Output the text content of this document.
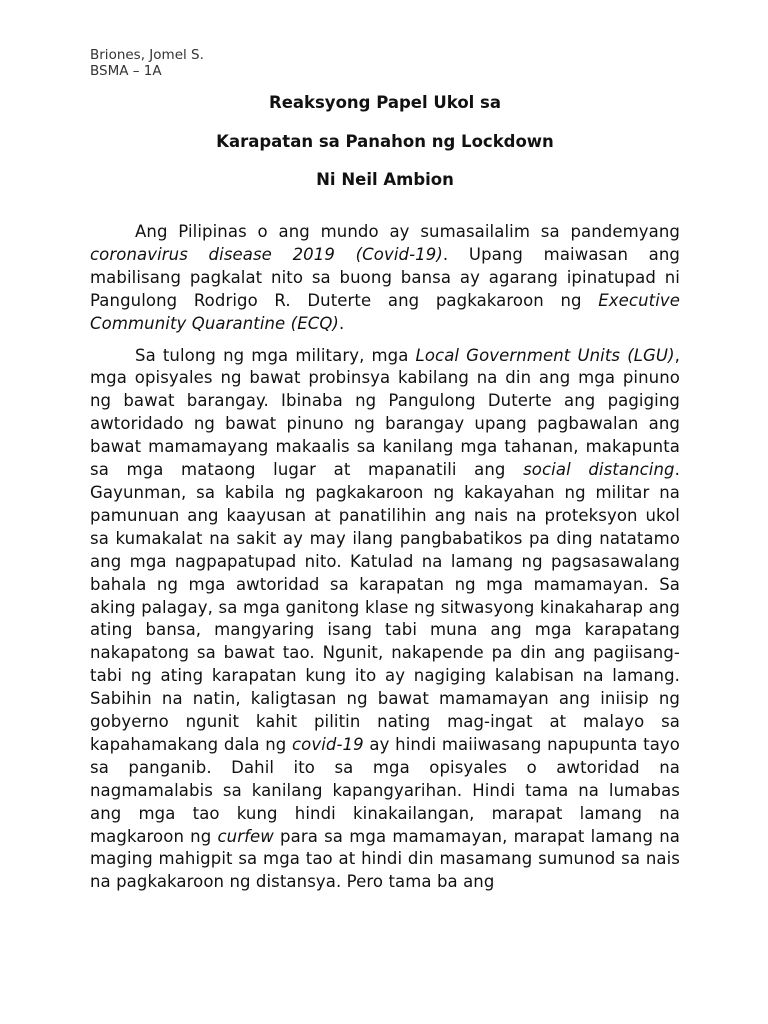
Briones, Jomel S.
BSMA – 1A
Reaksyong Papel Ukol sa
Karapatan sa Panahon ng Lockdown
Ni Neil Ambion

Ang Pilipinas o ang mundo ay sumasailalim sa pandemyang coronavirus disease 2019 (Covid-19). Upang maiwasan ang mabilisang pagkalat nito sa buong bansa ay agarang ipinatupad ni Pangulong Rodrigo R. Duterte ang pagkakaroon ng Executive Community Quarantine (ECQ).

Sa tulong ng mga military, mga Local Government Units (LGU), mga opisyales ng bawat probinsya kabilang na din ang mga pinuno ng bawat barangay. Ibinaba ng Pangulong Duterte ang pagiging awtoridado ng bawat pinuno ng barangay upang pagbawalan ang bawat mamamayang makaalis sa kanilang mga tahanan, makapunta sa mga mataong lugar at mapanatili ang social distancing. Gayunman, sa kabila ng pagkakaroon ng kakayahan ng militar na pamunuan ang kaayusan at panatilihin ang nais na proteksyon ukol sa kumakalat na sakit ay may ilang pangbabatikos pa ding natatamo ang mga nagpapatupad nito. Katulad na lamang ng pagsasawalang bahala ng mga awtoridad sa karapatan ng mga mamamayan. Sa aking palagay, sa mga ganitong klase ng sitwasyong kinakaharap ang ating bansa, mangyaring isang tabi muna ang mga karapatang nakapatong sa bawat tao. Ngunit, nakapende pa din ang pagiisang-tabi ng ating karapatan kung ito ay nagiging kalabisan na lamang. Sabihin na natin, kaligtasan ng bawat mamamayan ang iniisip ng gobyerno ngunit kahit pilitin nating mag-ingat at malayo sa kapahamakang dala ng covid-19 ay hindi maiiwasang napupunta tayo sa panganib. Dahil ito sa mga opisyales o awtoridad na nagmamalabis sa kanilang kapangyarihan. Hindi tama na lumabas ang mga tao kung hindi kinakailangan, marapat lamang na magkaroon ng curfew para sa mga mamamayan, marapat lamang na maging mahigpit sa mga tao at hindi din masamang sumunod sa nais na pagkakaroon ng distansya. Pero tama ba ang
